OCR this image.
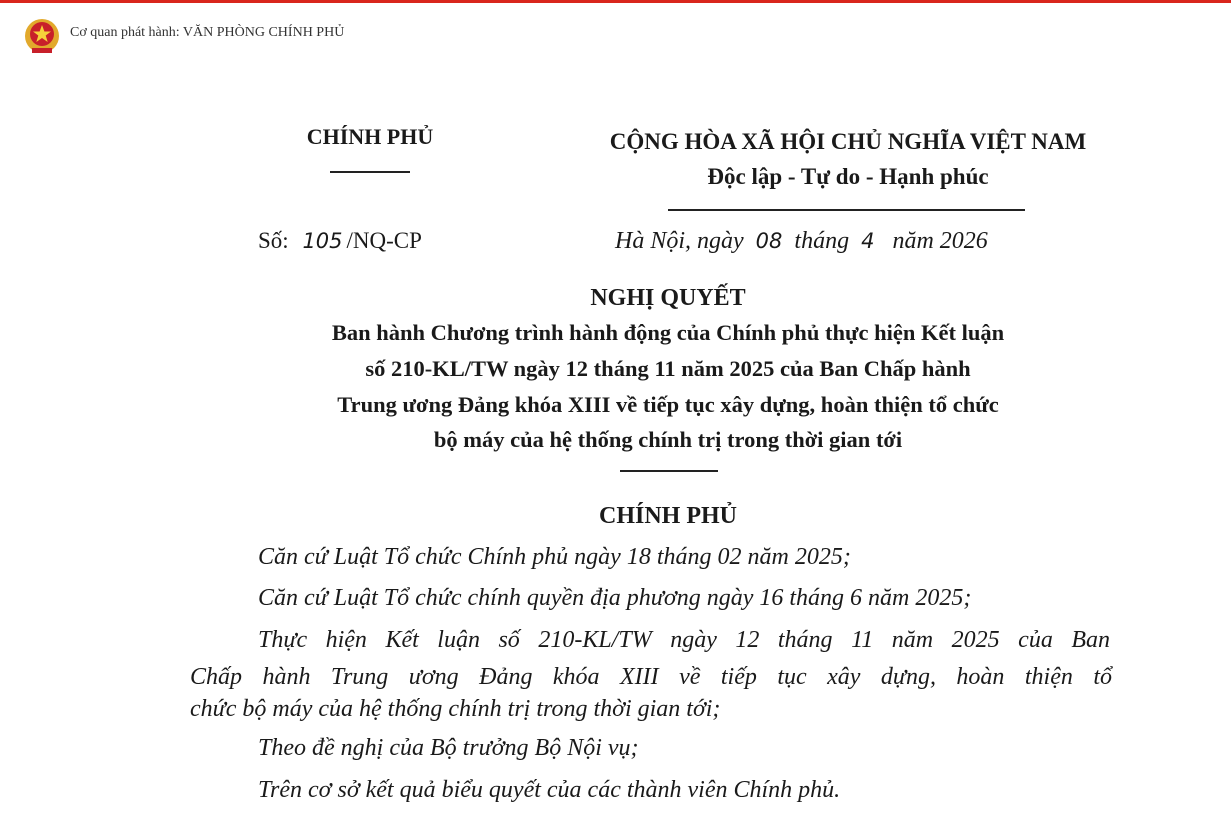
Cơ quan phát hành: VĂN PHÒNG CHÍNH PHỦ
CHÍNH PHỦ	CỘNG HÒA XÃ HỘI CHỦ NGHĨA VIỆT NAM
Độc lập - Tự do - Hạnh phúc
Số: 105 /NQ-CP	Hà Nội, ngày 08 tháng 4 năm 2026
NGHỊ QUYẾT
Ban hành Chương trình hành động của Chính phủ thực hiện Kết luận
số 210-KL/TW ngày 12 tháng 11 năm 2025 của Ban Chấp hành
Trung ương Đảng khóa XIII về tiếp tục xây dựng, hoàn thiện tổ chức
bộ máy của hệ thống chính trị trong thời gian tới
CHÍNH PHỦ
Căn cứ Luật Tổ chức Chính phủ ngày 18 tháng 02 năm 2025;
Căn cứ Luật Tổ chức chính quyền địa phương ngày 16 tháng 6 năm 2025;
Thực hiện Kết luận số 210-KL/TW ngày 12 tháng 11 năm 2025 của Ban
Chấp hành Trung ương Đảng khóa XIII về tiếp tục xây dựng, hoàn thiện tổ
chức bộ máy của hệ thống chính trị trong thời gian tới;
Theo đề nghị của Bộ trưởng Bộ Nội vụ;
Trên cơ sở kết quả biểu quyết của các thành viên Chính phủ.
